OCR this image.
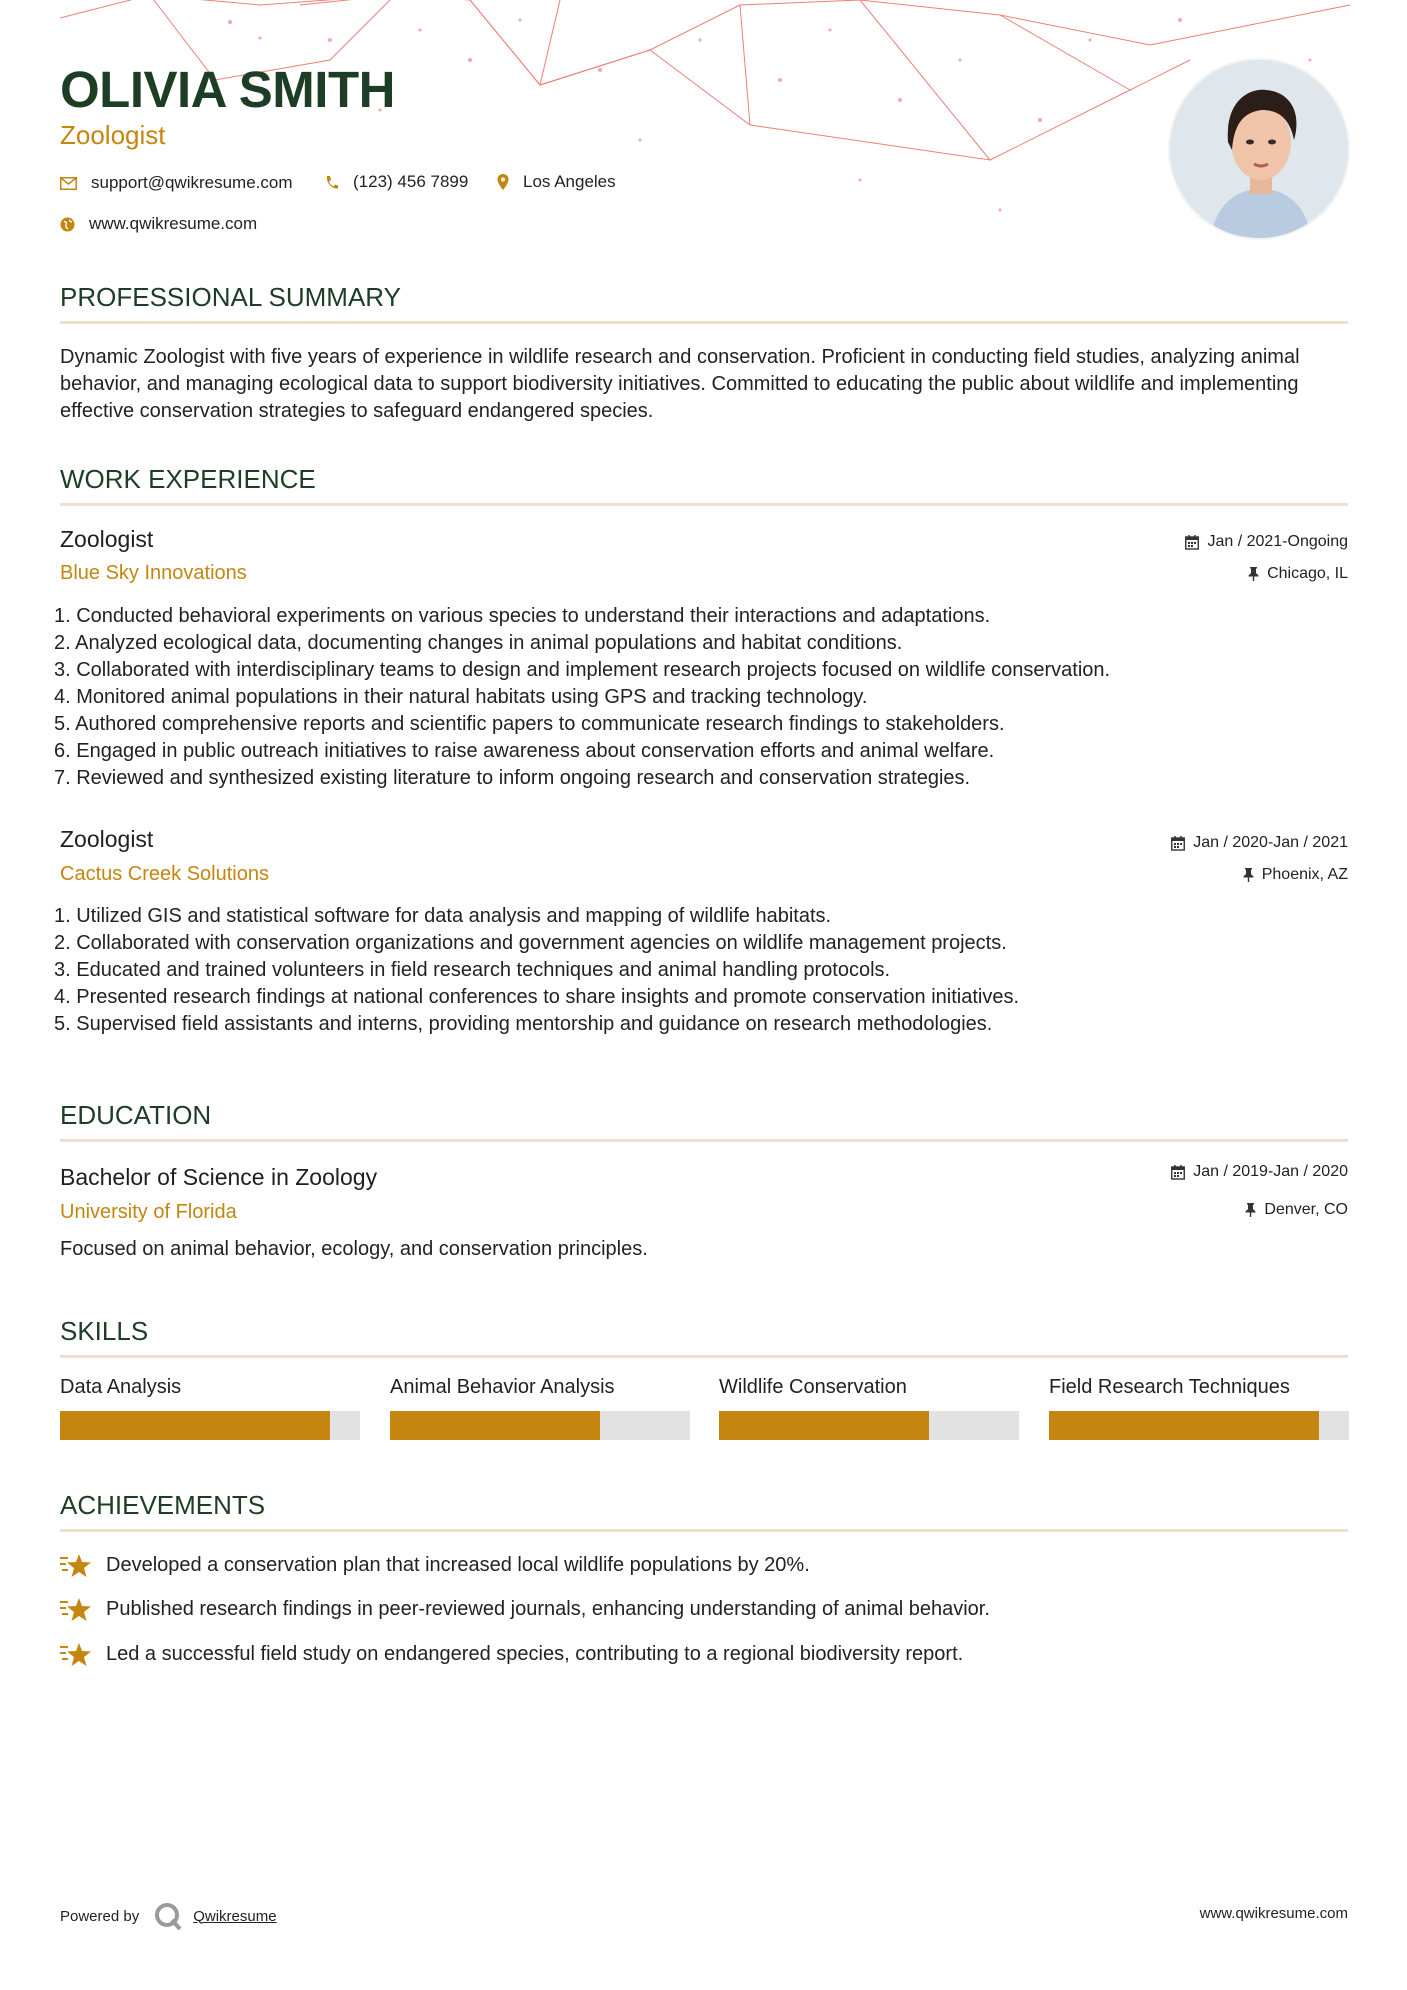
OLIVIA SMITH
Zoologist
support@qwikresume.com	(123) 456 7899	Los Angeles
www.qwikresume.com
PROFESSIONAL SUMMARY
Dynamic Zoologist with five years of experience in wildlife research and conservation. Proficient in conducting field studies, analyzing animal behavior, and managing ecological data to support biodiversity initiatives. Committed to educating the public about wildlife and implementing effective conservation strategies to safeguard endangered species.
WORK EXPERIENCE
Zoologist
Blue Sky Innovations
Jan / 2021-Ongoing
Chicago, IL
1. Conducted behavioral experiments on various species to understand their interactions and adaptations.
2. Analyzed ecological data, documenting changes in animal populations and habitat conditions.
3. Collaborated with interdisciplinary teams to design and implement research projects focused on wildlife conservation.
4. Monitored animal populations in their natural habitats using GPS and tracking technology.
5. Authored comprehensive reports and scientific papers to communicate research findings to stakeholders.
6. Engaged in public outreach initiatives to raise awareness about conservation efforts and animal welfare.
7. Reviewed and synthesized existing literature to inform ongoing research and conservation strategies.
Zoologist
Cactus Creek Solutions
Jan / 2020-Jan / 2021
Phoenix, AZ
1. Utilized GIS and statistical software for data analysis and mapping of wildlife habitats.
2. Collaborated with conservation organizations and government agencies on wildlife management projects.
3. Educated and trained volunteers in field research techniques and animal handling protocols.
4. Presented research findings at national conferences to share insights and promote conservation initiatives.
5. Supervised field assistants and interns, providing mentorship and guidance on research methodologies.
EDUCATION
Bachelor of Science in Zoology
University of Florida
Jan / 2019-Jan / 2020
Denver, CO
Focused on animal behavior, ecology, and conservation principles.
SKILLS
Data Analysis	Animal Behavior Analysis	Wildlife Conservation	Field Research Techniques
ACHIEVEMENTS
Developed a conservation plan that increased local wildlife populations by 20%.
Published research findings in peer-reviewed journals, enhancing understanding of animal behavior.
Led a successful field study on endangered species, contributing to a regional biodiversity report.
Powered by	Qwikresume	www.qwikresume.com
